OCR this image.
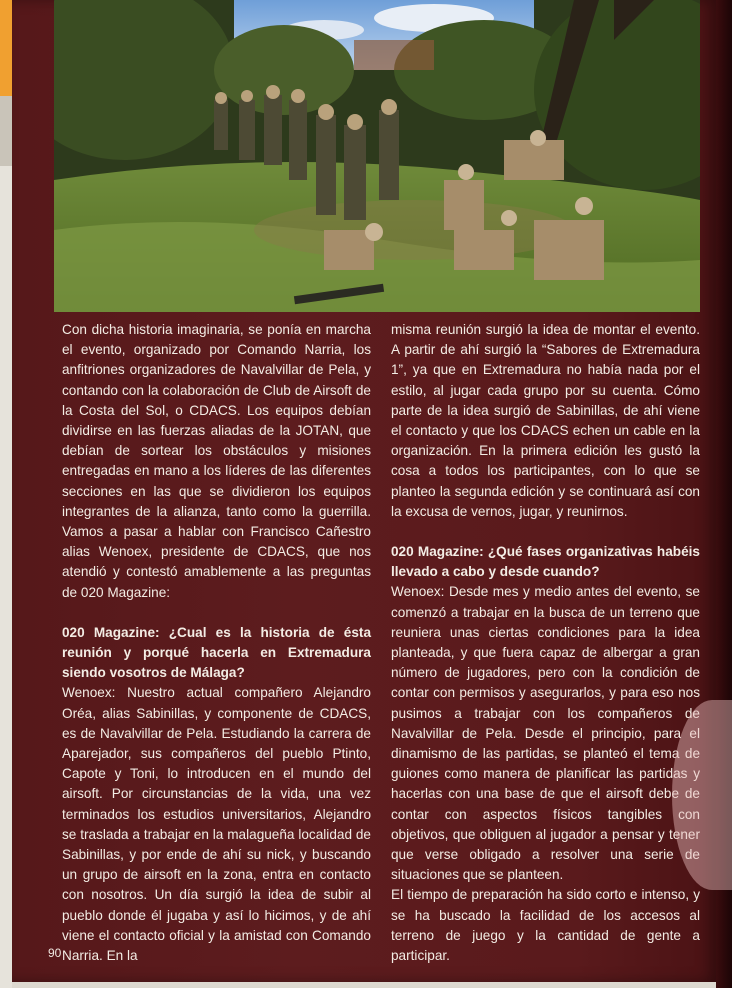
Con dicha historia imaginaria, se ponía en marcha el evento, organizado por Comando Narria, los anfitriones organizadores de Navalvillar de Pela, y contando con la colaboración de Club de Airsoft de la Costa del Sol, o CDACS. Los equipos debían dividirse en las fuerzas aliadas de la JOTAN, que debían de sortear los obstáculos y misiones entregadas en mano a los líderes de las diferentes secciones en las que se dividieron los equipos integrantes de la alianza, tanto como la guerrilla. Vamos a pasar a hablar con Francisco Cañestro alias Wenoex, presidente de CDACS, que nos atendió y contestó amablemente a las preguntas de 020 Magazine:

020 Magazine: ¿Cual es la historia de ésta reunión y porqué hacerla en Extremadura siendo vosotros de Málaga?

Wenoex: Nuestro actual compañero Alejandro Oréa, alias Sabinillas, y componente de CDACS, es de Navalvillar de Pela. Estudiando la carrera de Aparejador, sus compañeros del pueblo Ptinto, Capote y Toni, lo introducen en el mundo del airsoft. Por circunstancias de la vida, una vez terminados los estudios universitarios, Alejandro se traslada a trabajar en la malagueña localidad de Sabinillas, y por ende de ahí su nick, y buscando un grupo de airsoft en la zona, entra en contacto con nosotros. Un día surgió la idea de subir al pueblo donde él jugaba y así lo hicimos, y de ahí viene el contacto oficial y la amistad con Comando Narria. En la

misma reunión surgió la idea de montar el evento. A partir de ahí surgió la “Sabores de Extremadura 1”, ya que en Extremadura no había nada por el estilo, al jugar cada grupo por su cuenta. Cómo parte de la idea surgió de Sabinillas, de ahí viene el contacto y que los CDACS echen un cable en la organización. En la primera edición les gustó la cosa a todos los participantes, con lo que se planteo la segunda edición y se continuará así con la excusa de vernos, jugar, y reunirnos.

020 Magazine: ¿Qué fases organizativas habéis llevado a cabo y desde cuando?

Wenoex: Desde mes y medio antes del evento, se comenzó a trabajar en la busca de un terreno que reuniera unas ciertas condiciones para la idea planteada, y que fuera capaz de albergar a gran número de jugadores, pero con la condición de contar con permisos y asegurarlos, y para eso nos pusimos a trabajar con los compañeros de Navalvillar de Pela. Desde el principio, para el dinamismo de las partidas, se planteó el tema de guiones como manera de planificar las partidas y hacerlas con una base de que el airsoft debe de contar con aspectos físicos tangibles con objetivos, que obliguen al jugador a pensar y tener que verse obligado a resolver una serie de situaciones que se planteen.

El tiempo de preparación ha sido corto e intenso, y se ha buscado la facilidad de los accesos al terreno de juego y la cantidad de gente a participar.

90
